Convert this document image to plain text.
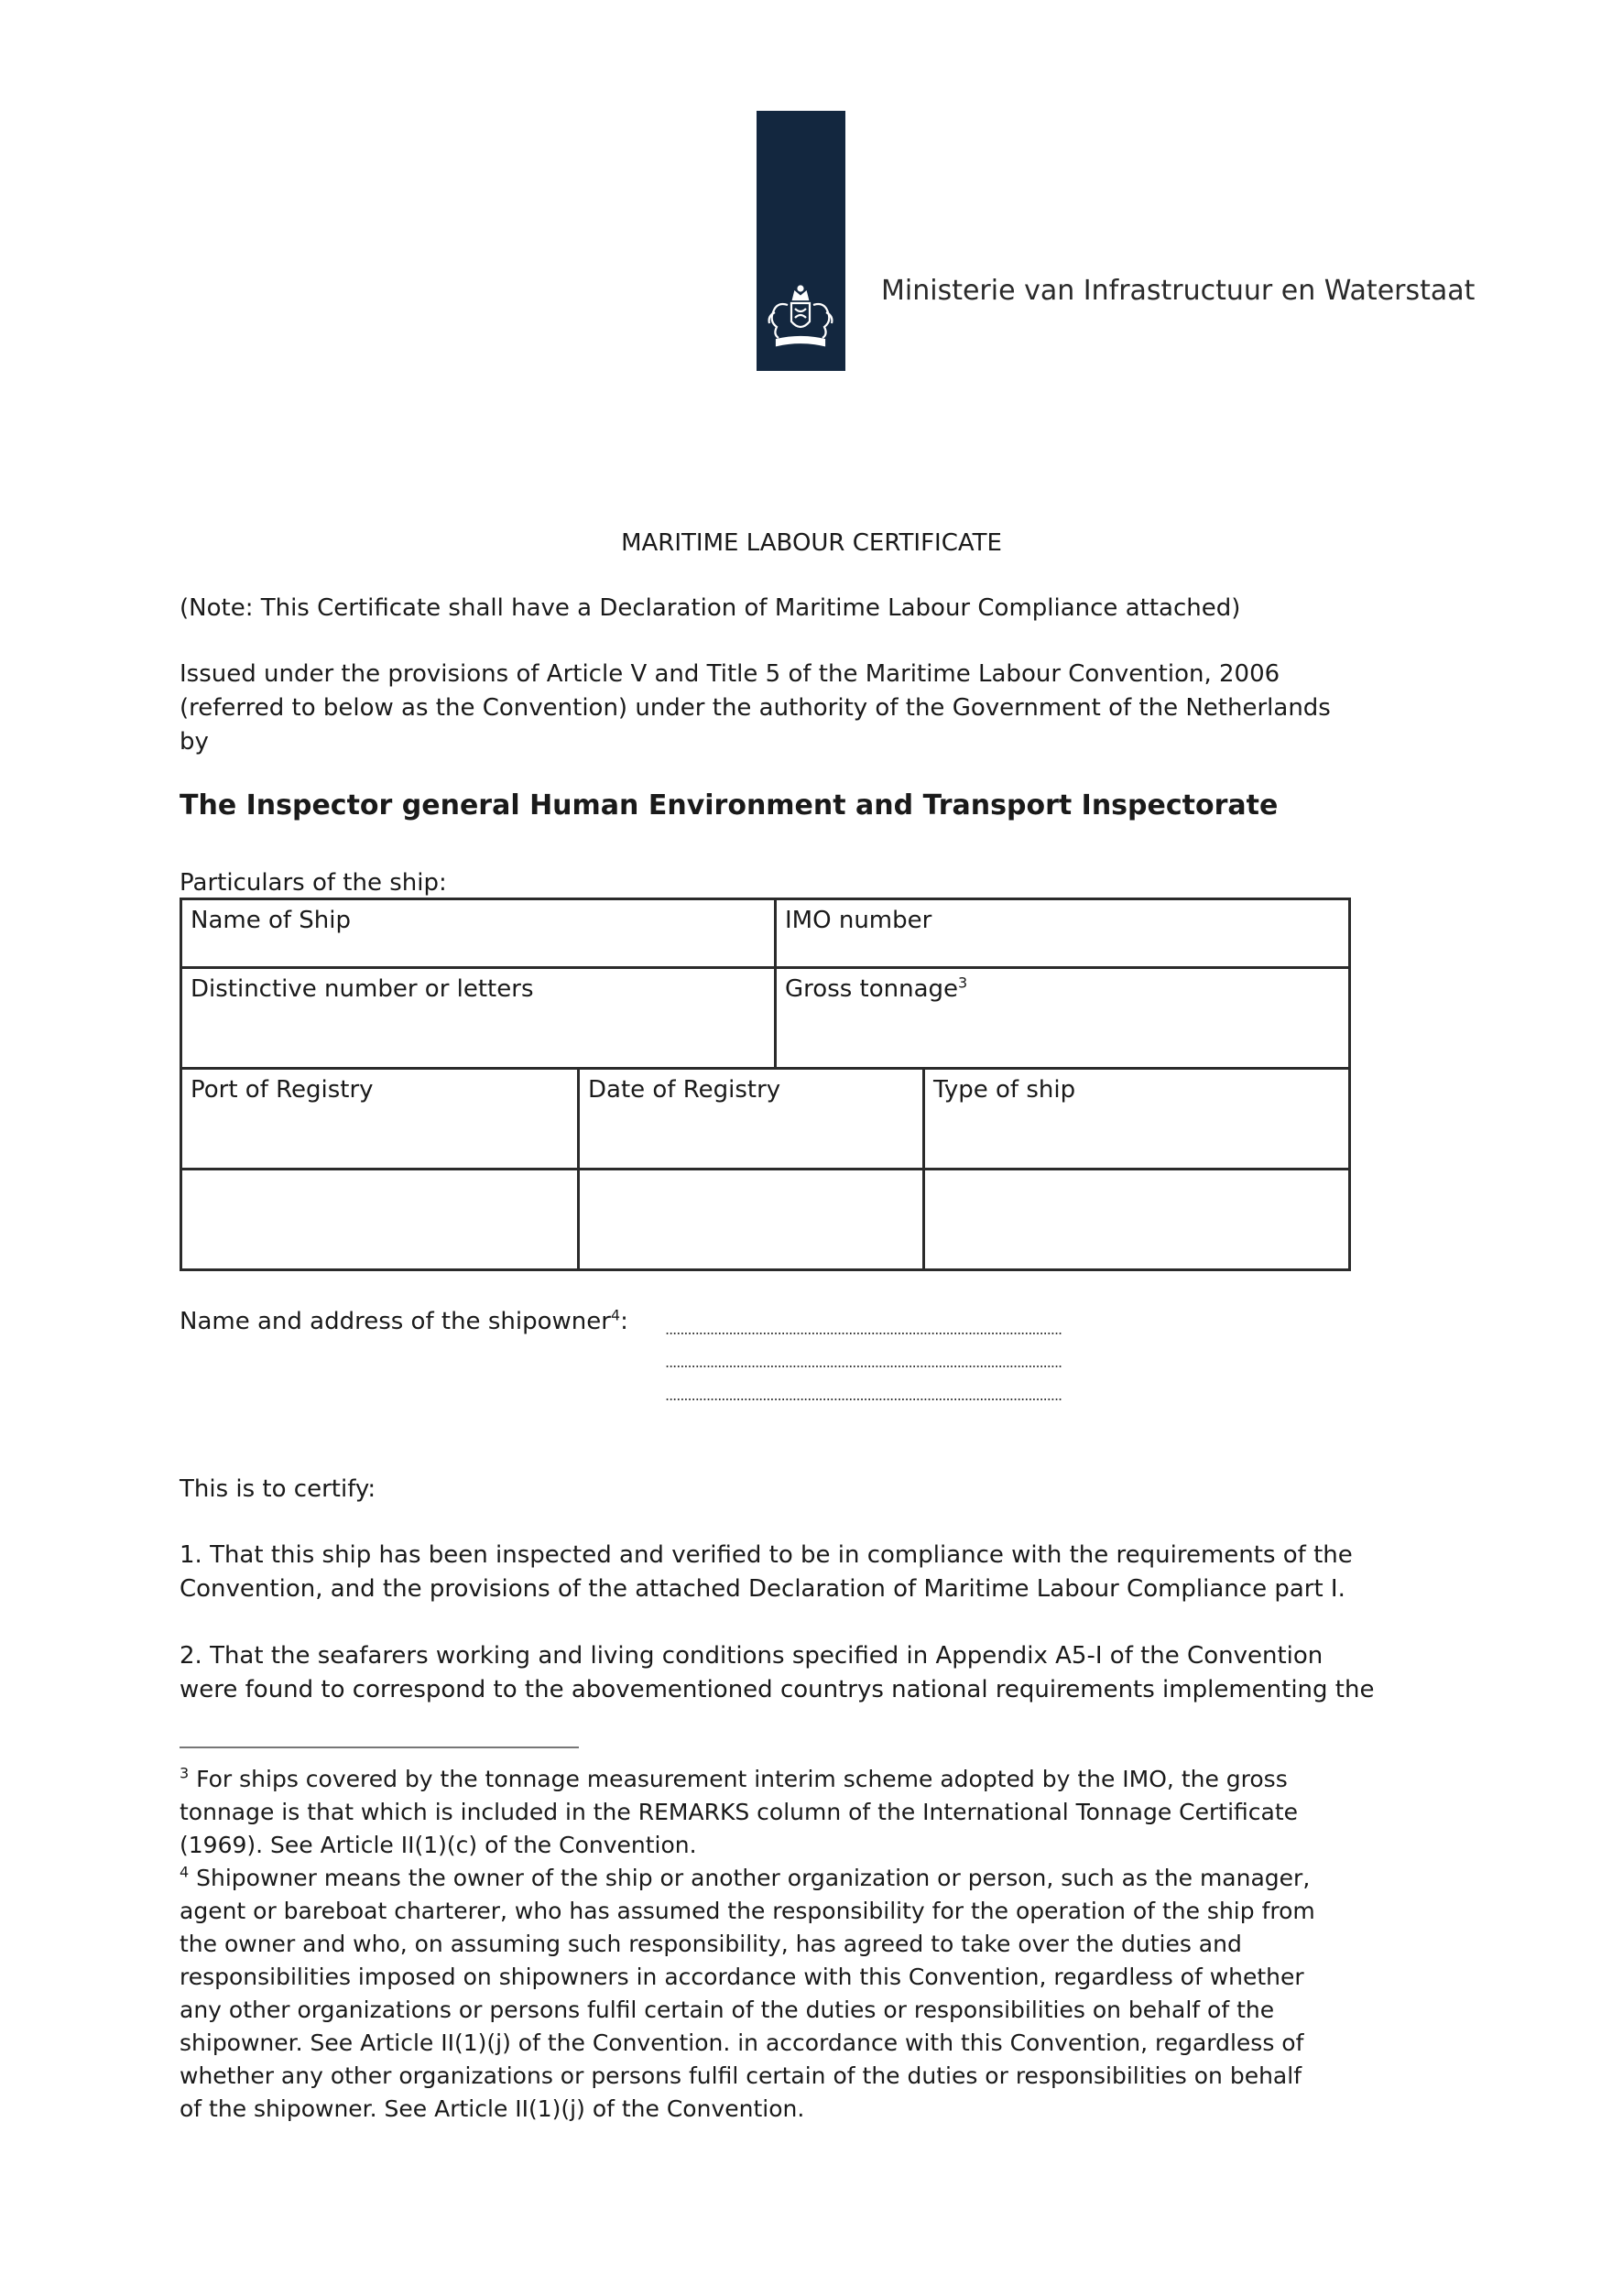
Ministerie van Infrastructuur en Waterstaat
MARITIME LABOUR CERTIFICATE
(Note: This Certificate shall have a Declaration of Maritime Labour Compliance attached)
Issued under the provisions of Article V and Title 5 of the Maritime Labour Convention, 2006
(referred to below as the Convention) under the authority of the Government of the Netherlands
by
The Inspector general Human Environment and Transport Inspectorate
Particulars of the ship:
Name of Ship		IMO number	
Distinctive number or letters		Gross tonnage$^3$
Port of Registry	Date of Registry		Type of ship

Name and address of the shipowner$^4$:	..........................................................................................................
..........................................................................................................
..........................................................................................................
This is to certify:
1. That this ship has been inspected and verified to be in compliance with the requirements of the
Convention, and the provisions of the attached Declaration of Maritime Labour Compliance part I.
2. That the seafarers working and living conditions specified in Appendix A5-I of the Convention
were found to correspond to the abovementioned countrys national requirements implementing the
$^3$ For ships covered by the tonnage measurement interim scheme adopted by the IMO, the gross
tonnage is that which is included in the REMARKS column of the International Tonnage Certificate
(1969). See Article II(1)(c) of the Convention.
$^4$ Shipowner means the owner of the ship or another organization or person, such as the manager,
agent or bareboat charterer, who has assumed the responsibility for the operation of the ship from
the owner and who, on assuming such responsibility, has agreed to take over the duties and
responsibilities imposed on shipowners in accordance with this Convention, regardless of whether
any other organizations or persons fulfil certain of the duties or responsibilities on behalf of the
shipowner. See Article II(1)(j) of the Convention. in accordance with this Convention, regardless of
whether any other organizations or persons fulfil certain of the duties or responsibilities on behalf
of the shipowner. See Article II(1)(j) of the Convention.
